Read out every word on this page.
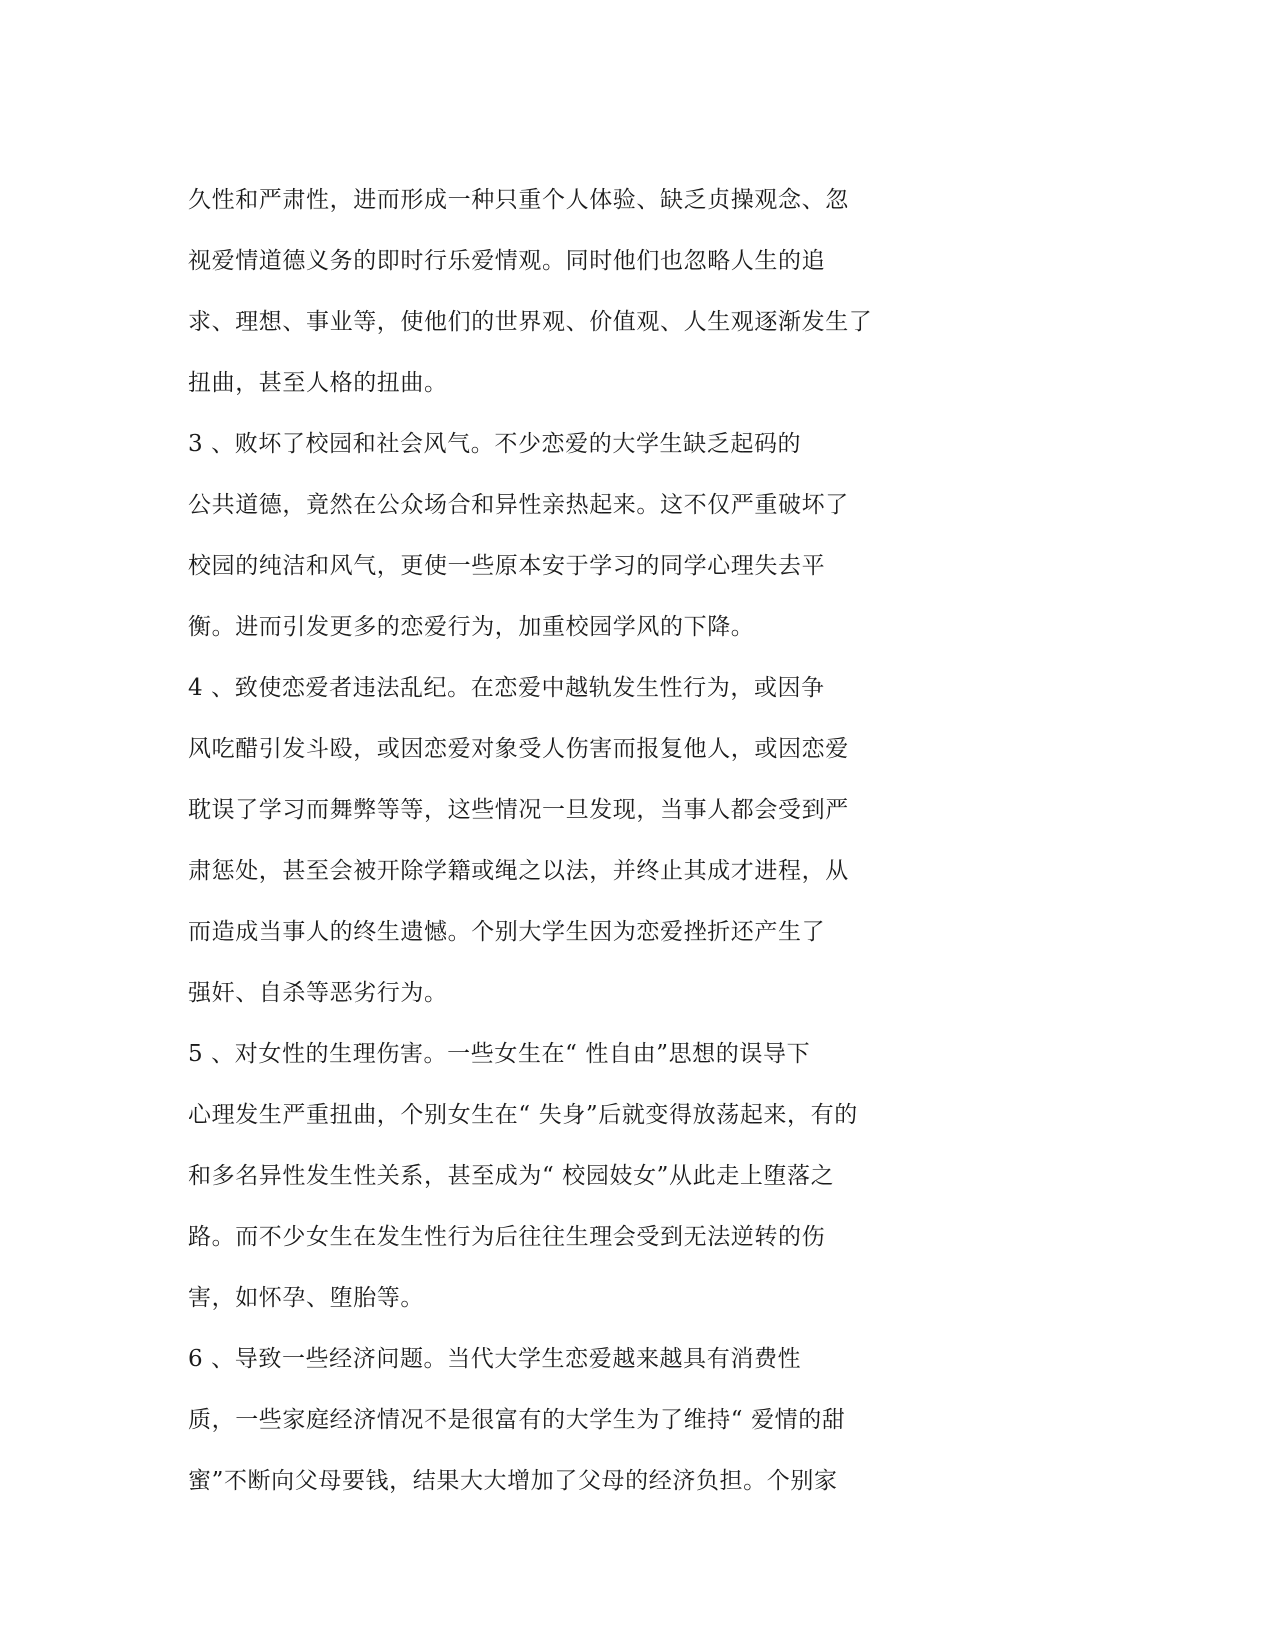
久性和严肃性，进而形成一种只重个人体验、缺乏贞操观念、忽
视爱情道德义务的即时行乐爱情观。同时他们也忽略人生的追
求、理想、事业等，使他们的世界观、价值观、人生观逐渐发生了
扭曲，甚至人格的扭曲。
3 、败坏了校园和社会风气。不少恋爱的大学生缺乏起码的
公共道德，竟然在公众场合和异性亲热起来。这不仅严重破坏了
校园的纯洁和风气，更使一些原本安于学习的同学心理失去平
衡。进而引发更多的恋爱行为，加重校园学风的下降。
4 、致使恋爱者违法乱纪。在恋爱中越轨发生性行为，或因争
风吃醋引发斗殴，或因恋爱对象受人伤害而报复他人，或因恋爱
耽误了学习而舞弊等等，这些情况一旦发现，当事人都会受到严
肃惩处，甚至会被开除学籍或绳之以法，并终止其成才进程，从
而造成当事人的终生遗憾。个别大学生因为恋爱挫折还产生了
强奸、自杀等恶劣行为。
5 、对女性的生理伤害。一些女生在“ 性自由”思想的误导下
心理发生严重扭曲，个别女生在“ 失身”后就变得放荡起来，有的
和多名异性发生性关系，甚至成为“ 校园妓女”从此走上堕落之
路。而不少女生在发生性行为后往往生理会受到无法逆转的伤
害，如怀孕、堕胎等。
6 、导致一些经济问题。当代大学生恋爱越来越具有消费性
质，一些家庭经济情况不是很富有的大学生为了维持“ 爱情的甜
蜜”不断向父母要钱，结果大大增加了父母的经济负担。个别家
